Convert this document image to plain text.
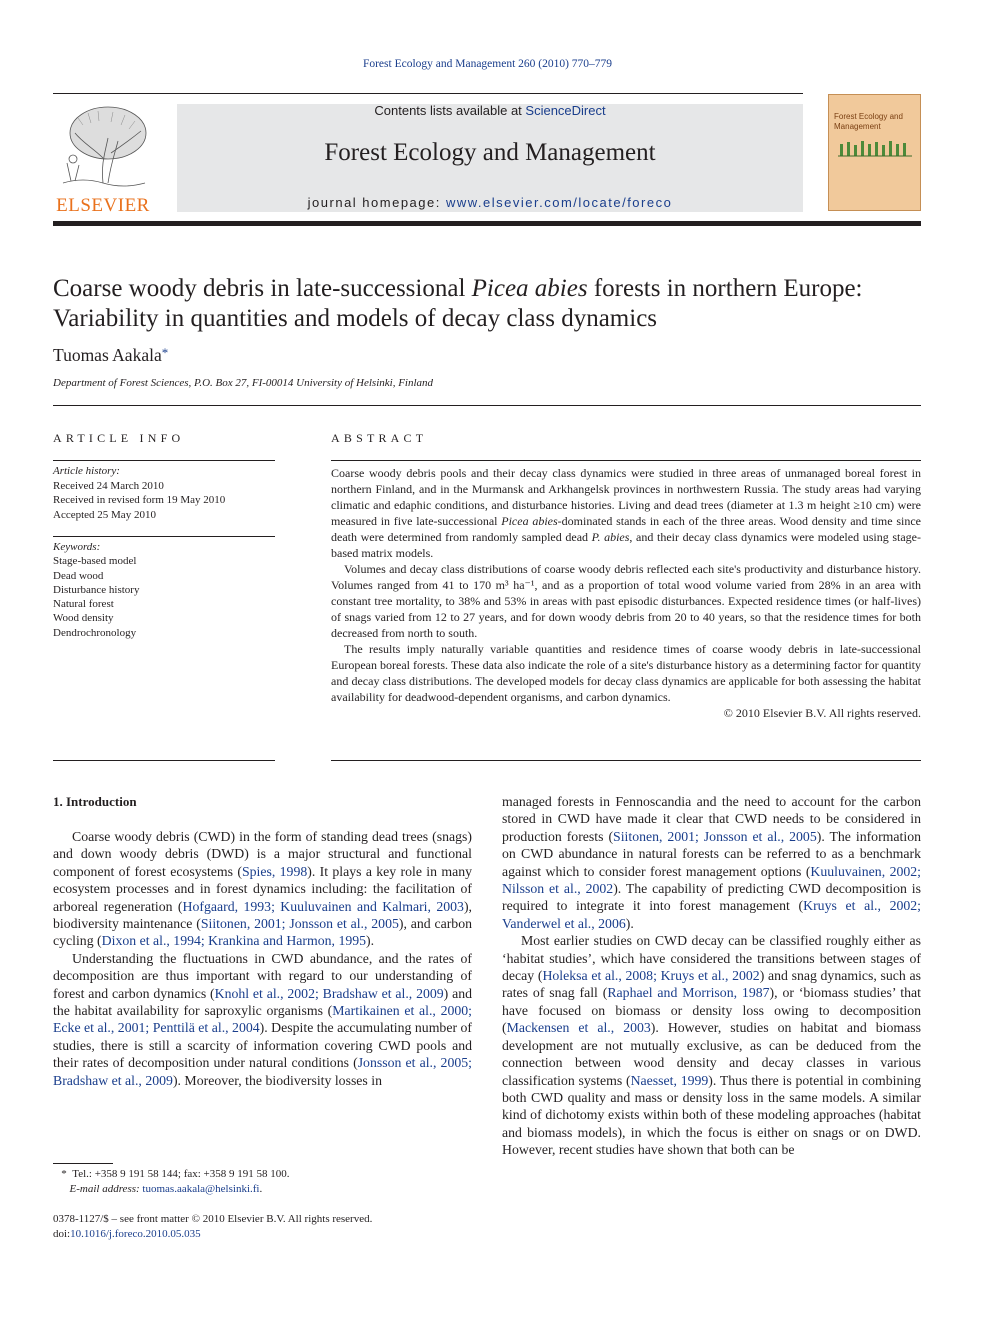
Forest Ecology and Management 260 (2010) 770–779
Contents lists available at ScienceDirect
Forest Ecology and Management
journal homepage: www.elsevier.com/locate/foreco
ELSEVIER
Forest Ecology and Management
Coarse woody debris in late-successional Picea abies forests in northern Europe: Variability in quantities and models of decay class dynamics
Tuomas Aakala*
Department of Forest Sciences, P.O. Box 27, FI-00014 University of Helsinki, Finland
ARTICLE INFO
Article history:
Received 24 March 2010
Received in revised form 19 May 2010
Accepted 25 May 2010
Keywords:
Stage-based model
Dead wood
Disturbance history
Natural forest
Wood density
Dendrochronology
ABSTRACT

Coarse woody debris pools and their decay class dynamics were studied in three areas of unmanaged boreal forest in northern Finland, and in the Murmansk and Arkhangelsk provinces in northwestern Russia. The study areas had varying climatic and edaphic conditions, and disturbance histories. Living and dead trees (diameter at 1.3 m height ≥10 cm) were measured in five late-successional Picea abies-dominated stands in each of the three areas. Wood density and time since death were determined from randomly sampled dead P. abies, and their decay class dynamics were modeled using stage-based matrix models.

Volumes and decay class distributions of coarse woody debris reflected each site's productivity and disturbance history. Volumes ranged from 41 to 170 m³ ha⁻¹, and as a proportion of total wood volume varied from 28% in an area with constant tree mortality, to 38% and 53% in areas with past episodic disturbances. Expected residence times (or half-lives) of snags varied from 12 to 27 years, and for down woody debris from 20 to 40 years, so that the residence times for both decreased from north to south.

The results imply naturally variable quantities and residence times of coarse woody debris in late-successional European boreal forests. These data also indicate the role of a site's disturbance history as a determining factor for quantity and decay class distributions. The developed models for decay class dynamics are applicable for both assessing the habitat availability for deadwood-dependent organisms, and carbon dynamics.

© 2010 Elsevier B.V. All rights reserved.

1. Introduction

Coarse woody debris (CWD) in the form of standing dead trees (snags) and down woody debris (DWD) is a major structural and functional component of forest ecosystems (Spies, 1998). It plays a key role in many ecosystem processes and in forest dynamics including: the facilitation of arboreal regeneration (Hofgaard, 1993; Kuuluvainen and Kalmari, 2003), biodiversity maintenance (Siitonen, 2001; Jonsson et al., 2005), and carbon cycling (Dixon et al., 1994; Krankina and Harmon, 1995).

Understanding the fluctuations in CWD abundance, and the rates of decomposition are thus important with regard to our understanding of forest and carbon dynamics (Knohl et al., 2002; Bradshaw et al., 2009) and the habitat availability for saproxylic organisms (Martikainen et al., 2000; Ecke et al., 2001; Penttilä et al., 2004). Despite the accumulating number of studies, there is still a scarcity of information covering CWD pools and their rates of decomposition under natural conditions (Jonsson et al., 2005; Bradshaw et al., 2009). Moreover, the biodiversity losses in

managed forests in Fennoscandia and the need to account for the carbon stored in CWD have made it clear that CWD needs to be considered in production forests (Siitonen, 2001; Jonsson et al., 2005). The information on CWD abundance in natural forests can be referred to as a benchmark against which to consider forest management options (Kuuluvainen, 2002; Nilsson et al., 2002). The capability of predicting CWD decomposition is required to integrate it into forest management (Kruys et al., 2002; Vanderwel et al., 2006).

Most earlier studies on CWD decay can be classified roughly either as ‘habitat studies’, which have considered the transitions between stages of decay (Holeksa et al., 2008; Kruys et al., 2002) and snag dynamics, such as rates of snag fall (Raphael and Morrison, 1987), or ‘biomass studies’ that have focused on biomass or density loss owing to decomposition (Mackensen et al., 2003). However, studies on habitat and biomass development are not mutually exclusive, as can be deduced from the connection between wood density and decay classes in various classification systems (Naesset, 1999). Thus there is potential in combining both CWD quality and mass or density loss in the same models. A similar kind of dichotomy exists within both of these modeling approaches (habitat and biomass models), in which the focus is either on snags or on DWD. However, recent studies have shown that both can be

* Tel.: +358 9 191 58 144; fax: +358 9 191 58 100.
E-mail address: tuomas.aakala@helsinki.fi.
0378-1127/$ – see front matter © 2010 Elsevier B.V. All rights reserved.
doi:10.1016/j.foreco.2010.05.035
